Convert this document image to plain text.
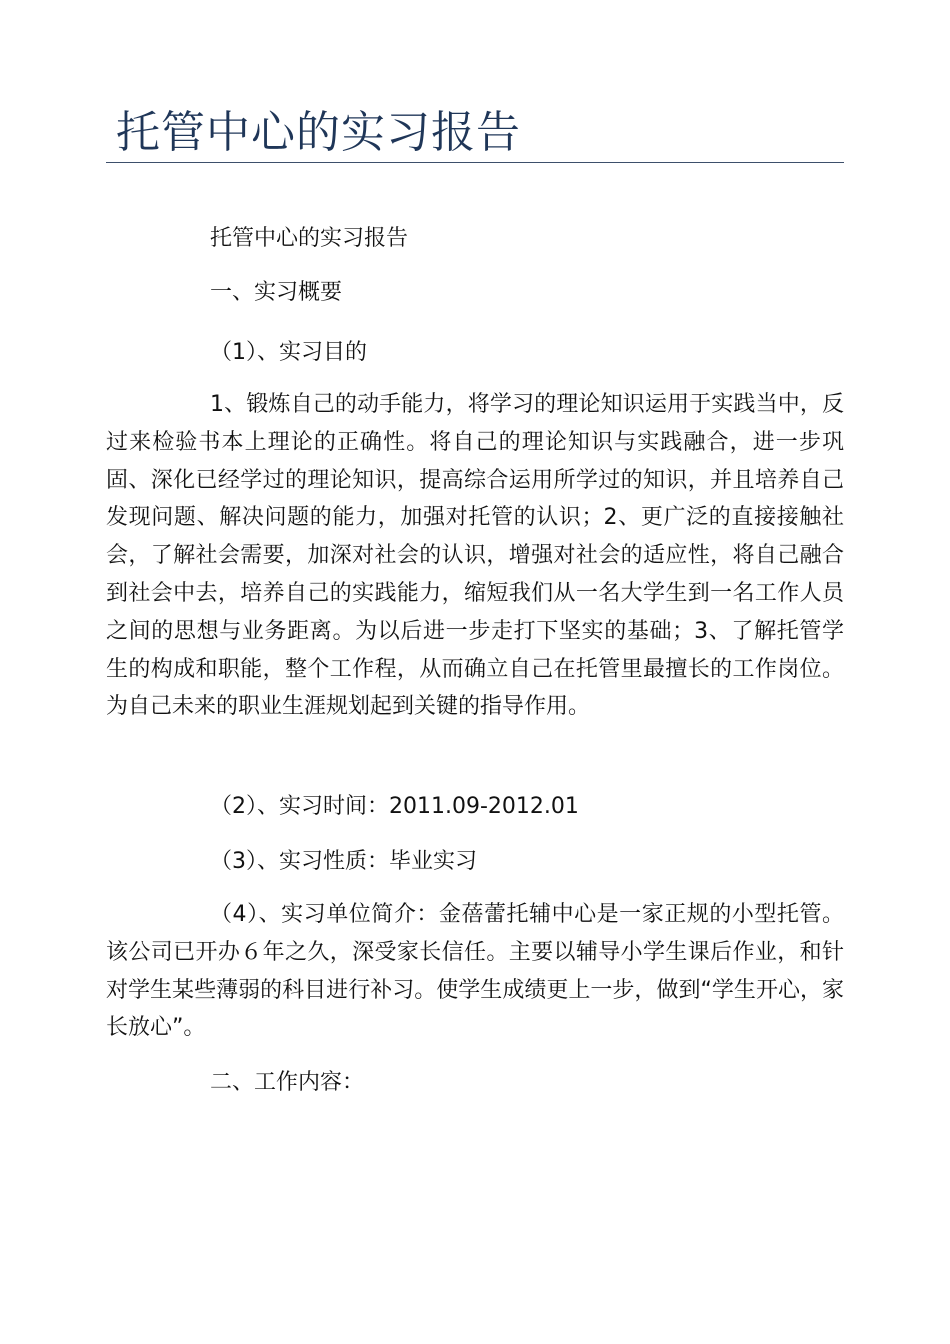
托管中心的实习报告

托管中心的实习报告

一、实习概要

（1）、实习目的

1、锻炼自己的动手能力，将学习的理论知识运用于实践当中，反过来检验书本上理论的正确性。将自己的理论知识与实践融合，进一步巩固、深化已经学过的理论知识，提高综合运用所学过的知识，并且培养自己发现问题、解决问题的能力，加强对托管的认识；2、更广泛的直接接触社会，了解社会需要，加深对社会的认识，增强对社会的适应性，将自己融合到社会中去，培养自己的实践能力，缩短我们从一名大学生到一名工作人员之间的思想与业务距离。为以后进一步走打下坚实的基础；3、了解托管学生的构成和职能，整个工作程，从而确立自己在托管里最擅长的工作岗位。为自己未来的职业生涯规划起到关键的指导作用。

（2）、实习时间：2011.09-2012.01

（3）、实习性质：毕业实习

（4）、实习单位简介：金蓓蕾托辅中心是一家正规的小型托管。该公司已开办６年之久，深受家长信任。主要以辅导小学生课后作业，和针对学生某些薄弱的科目进行补习。使学生成绩更上一步，做到“学生开心，家长放心”。

二、工作内容：
